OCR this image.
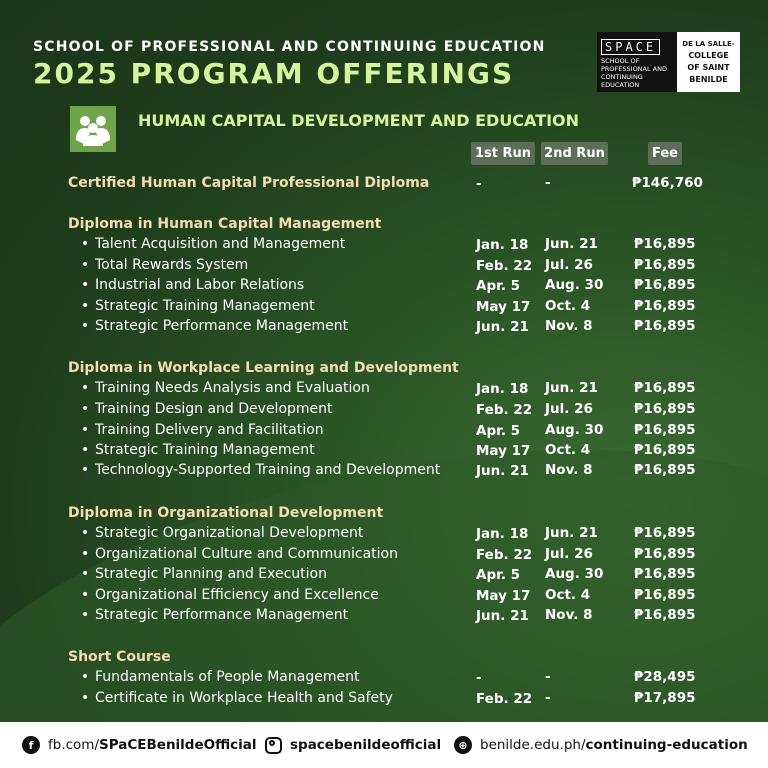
SCHOOL OF PROFESSIONAL AND CONTINUING EDUCATION
2025 PROGRAM OFFERINGS
SPACE
SCHOOL OF PROFESSIONAL AND CONTINUING EDUCATION
DE LA SALLE-
COLLEGE
OF SAINT
BENILDE
HUMAN CAPITAL DEVELOPMENT AND EDUCATION
1st Run	2nd Run	Fee
Certified Human Capital Professional Diploma	-	-	₱146,760
Diploma in Human Capital Management
• Talent Acquisition and Management	Jan. 18 Jun. 21	₱16,895
• Total Rewards System	Feb. 22 Jul. 26	₱16,895
• Industrial and Labor Relations	Apr. 5 Aug. 30 ₱16,895
• Strategic Training Management	May 17 Oct. 4	₱16,895
• Strategic Performance Management	Jun. 21 Nov. 8	₱16,895
Diploma in Workplace Learning and Development
• Training Needs Analysis and Evaluation	Jan. 18 Jun. 21	₱16,895
• Training Design and Development	Feb. 22 Jul. 26	₱16,895
• Training Delivery and Facilitation	Apr. 5 Aug. 30 ₱16,895
• Strategic Training Management	May 17 Oct. 4	₱16,895
• Technology-Supported Training and Development	Jun. 21 Nov. 8	₱16,895
Diploma in Organizational Development
• Strategic Organizational Development	Jan. 18 Jun. 21	₱16,895
• Organizational Culture and Communication	Feb. 22 Jul. 26	₱16,895
• Strategic Planning and Execution	Apr. 5 Aug. 30 ₱16,895
• Organizational Efficiency and Excellence	May 17 Oct. 4	₱16,895
• Strategic Performance Management	Jun. 21 Nov. 8	₱16,895
Short Course
• Fundamentals of People Management	-	-	₱28,495
• Certificate in Workplace Health and Safety	Feb. 22 -	₱17,895
f	fb.com/ SPaCEBenildeOfficial spacebenildeofficial	⊕ benilde.edu.ph/ continuing-education
